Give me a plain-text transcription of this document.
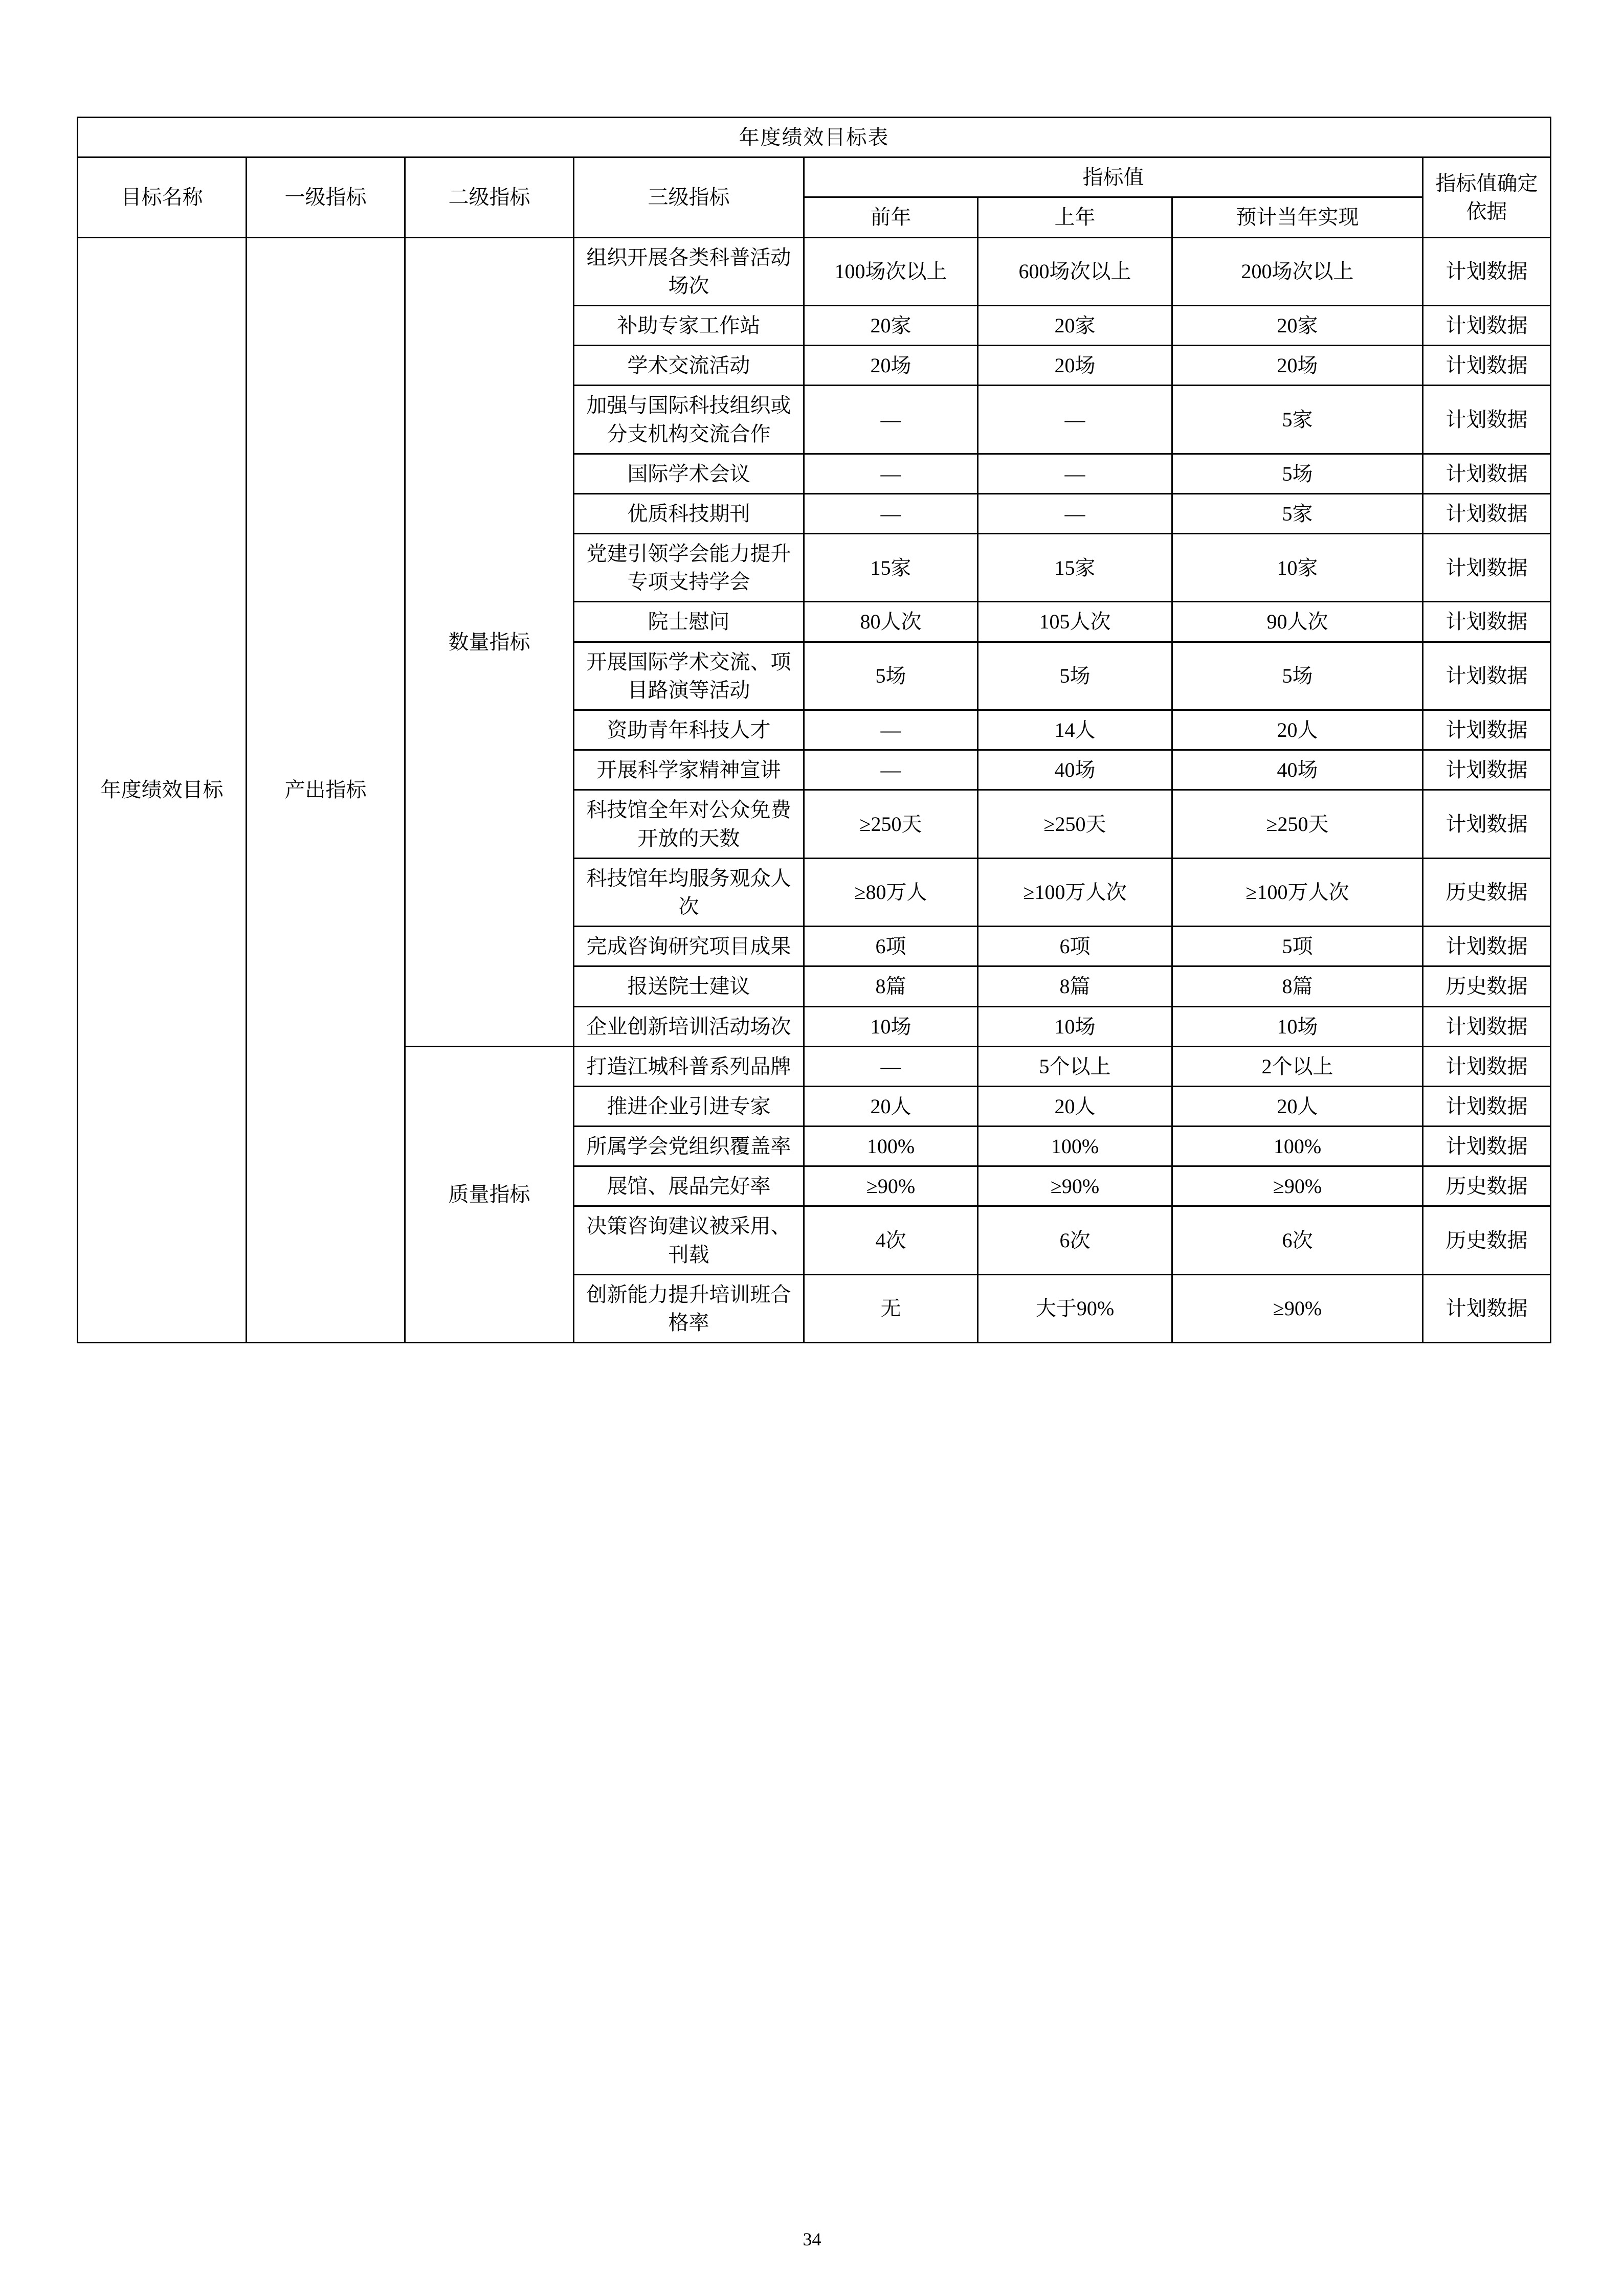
年度绩效目标表							
目标名称	一级指标	二级指标	三级指标	指标值			指标值确定依据
				前年	上年	预计当年实现	
年度绩效目标	产出指标	数量指标	组织开展各类科普活动场次	100场次以上	600场次以上	200场次以上	计划数据
			补助专家工作站	20家	20家	20家	计划数据
			学术交流活动	20场	20场	20场	计划数据
			加强与国际科技组织或分支机构交流合作	—	—	5家	计划数据
			国际学术会议	—	—	5场	计划数据
			优质科技期刊	—	—	5家	计划数据
			党建引领学会能力提升专项支持学会	15家	15家	10家	计划数据
			院士慰问	80人次	105人次	90人次	计划数据
			开展国际学术交流、项目路演等活动	5场	5场	5场	计划数据
			资助青年科技人才	—	14人	20人	计划数据
			开展科学家精神宣讲	—	40场	40场	计划数据
			科技馆全年对公众免费开放的天数	≥250天	≥250天	≥250天	计划数据
			科技馆年均服务观众人次	≥80万人	≥100万人次	≥100万人次	历史数据
			完成咨询研究项目成果	6项	6项	5项	计划数据
			报送院士建议	8篇	8篇	8篇	历史数据
			企业创新培训活动场次	10场	10场	10场	计划数据
		质量指标	打造江城科普系列品牌	—	5个以上	2个以上	计划数据
			推进企业引进专家	20人	20人	20人	计划数据
			所属学会党组织覆盖率	100%	100%	100%	计划数据
			展馆、展品完好率	≥90%	≥90%	≥90%	历史数据
			决策咨询建议被采用、刊载	4次	6次	6次	历史数据
			创新能力提升培训班合格率	无	大于90%	≥90%	计划数据
34
